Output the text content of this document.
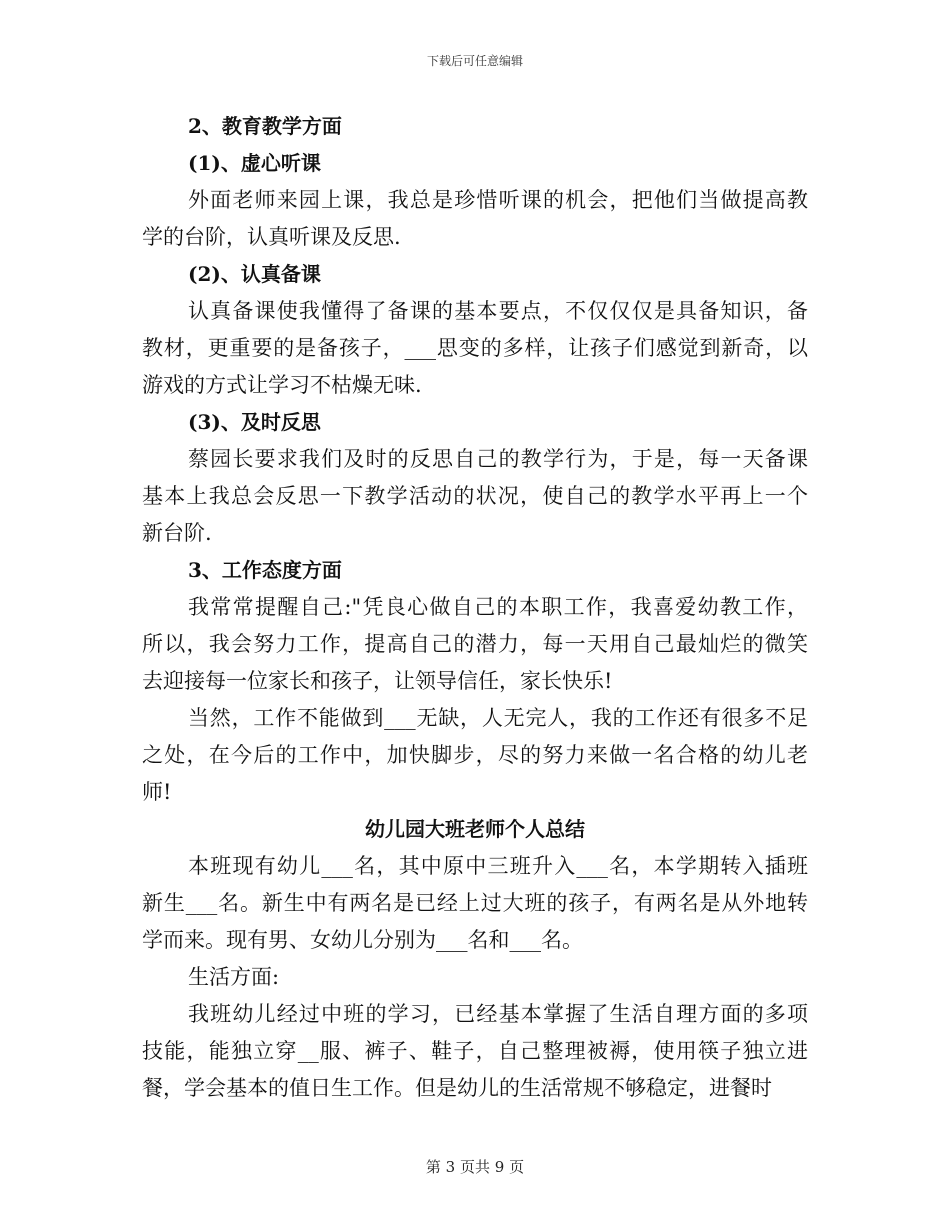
下载后可任意编辑
2、教育教学方面
(1)、虚心听课
外面老师来园上课，我总是珍惜听课的机会，把他们当做提高教
学的台阶，认真听课及反思.
(2)、认真备课
认真备课使我懂得了备课的基本要点，不仅仅仅是具备知识，备
教材，更重要的是备孩子，___思变的多样，让孩子们感觉到新奇，以
游戏的方式让学习不枯燥无味.
(3)、及时反思
蔡园长要求我们及时的反思自己的教学行为，于是，每一天备课
基本上我总会反思一下教学活动的状况，使自己的教学水平再上一个
新台阶.
3、工作态度方面
我常常提醒自己:"凭良心做自己的本职工作，我喜爱幼教工作，
所以，我会努力工作，提高自己的潜力，每一天用自己最灿烂的微笑
去迎接每一位家长和孩子，让领导信任，家长快乐!
当然，工作不能做到___无缺，人无完人，我的工作还有很多不足
之处，在今后的工作中，加快脚步，尽的努力来做一名合格的幼儿老
师!
幼儿园大班老师个人总结
本班现有幼儿___名，其中原中三班升入___名，本学期转入插班
新生___名。新生中有两名是已经上过大班的孩子，有两名是从外地转
学而来。现有男、女幼儿分别为___名和___名。
生活方面:
我班幼儿经过中班的学习，已经基本掌握了生活自理方面的多项
技能，能独立穿__服、裤子、鞋子，自己整理被褥，使用筷子独立进
餐，学会基本的值日生工作。但是幼儿的生活常规不够稳定，进餐时
第 3 页共 9 页
